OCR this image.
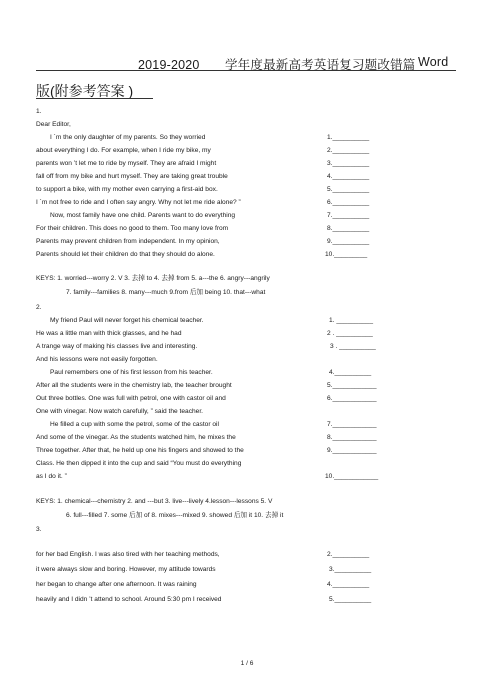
2019-2020　　学年度最新高考英语复习题改错篇 Word
版(附参考答案 )
1.
Dear Editor,
I ´m the only daughter of my parents. So they worried	1.__________
about everything I do. For example, when I ride my bike, my	2.__________
parents won ’t let me to ride by myself. They are afraid I might	3.__________
fall off from my bike and hurt myself. They are taking great trouble	4.__________
to support a bike, with my mother even carrying a first-aid box.	5.__________
I ´m not free to ride and I often say angry. Why not let me ride alone? ”	6.__________
Now, most family have one child. Parents want to do everything	7.__________
For their children. This does no good to them. Too many love from	8.__________
Parents may prevent children from independent. In my opinion,	9.__________
Parents should let their children do that they should do alone.	10._________
KEYS: 1. worried---worry 2. V 3. 去掉 to 4. 去掉 from 5. a---the 6. angry---angrily
7. family---families 8. many---much 9.from 后加 being 10. that---what
2.
My friend Paul will never forget his chemical teacher.	1. __________
He was a little man with thick glasses, and he had	2 . __________
A trange way of making his classes live and interesting.	3 . __________
And his lessons were not easily forgotten.
Paul remembers one of his first lesson from his teacher.	4.__________
After all the students were in the chemistry lab, the teacher brought	5.____________
Out three bottles. One was full with petrol, one with castor oil and	6.____________
One with vinegar. Now watch carefully, ” said the teacher.
He filled a cup with some the petrol, some of the castor oil	7.____________
And some of the vinegar. As the students watched him, he mixes the	8.____________
Three together. After that, he held up one his fingers and showed to the	9.____________
Class. He then dipped it into the cup and said “You must do everything
as I do it. ”	10.____________
KEYS: 1. chemical---chemistry 2. and ---but 3. live---lively 4.lesson---lessons 5. V
6. full---filled 7. some 后加 of 8. mixes---mixed 9. showed 后加 it 10. 去掉 it
3.
for her bad English. I was also tired with her teaching methods,	2.__________
it were always slow and boring. However, my attitude towards	3.__________
her began to change after one afternoon. It was raining	4.__________
heavily and I didn ’t attend to school. Around 5:30 pm I received	5.__________
1 / 6
